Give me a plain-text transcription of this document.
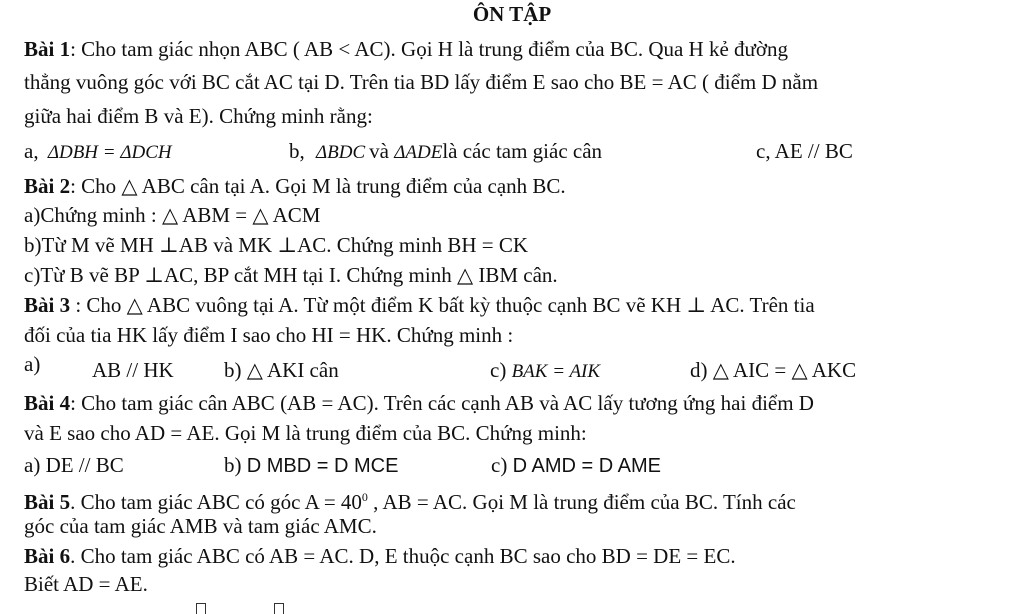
ÔN TẬP
Bài 1: Cho tam giác nhọn ABC ( AB < AC). Gọi H là trung điểm của BC. Qua H kẻ đường
thẳng vuông góc với BC cắt AC tại D. Trên tia BD lấy điểm E sao cho BE = AC ( điểm D nằm
giữa hai điểm B và E). Chứng minh rằng:
a, ΔDBH = ΔDCH	b, ΔBDC và ΔADElà các tam giác cân	c, AE // BC
Bài 2: Cho △ ABC cân tại A. Gọi M là trung điểm của cạnh BC.
a)Chứng minh : △ ABM = △ ACM
b)Từ M vẽ MH ⊥AB và MK ⊥AC. Chứng minh BH = CK
c)Từ B vẽ BP ⊥AC, BP cắt MH tại I. Chứng minh △ IBM cân.
Bài 3 : Cho △ ABC vuông tại A. Từ một điểm K bất kỳ thuộc cạnh BC vẽ KH ⊥ AC. Trên tia
đối của tia HK lấy điểm I sao cho HI = HK. Chứng minh :
a) AB // HK b) △ AKI cân	c) BAK = AIK	d) △ AIC = △ AKC
Bài 4: Cho tam giác cân ABC (AB = AC). Trên các cạnh AB và AC lấy tương ứng hai điểm D
và E sao cho AD = AE. Gọi M là trung điểm của BC. Chứng minh:
a) DE // BC	b) D MBD = D MCE	c) D AMD = D AME
Bài 5. Cho tam giác ABC có góc $A = 40^0$ , AB = AC. Gọi M là trung điểm của BC. Tính các
góc của tam giác AMB và tam giác AMC.
Bài 6. Cho tam giác ABC có AB = AC. D, E thuộc cạnh BC sao cho BD = DE = EC.
Biết AD = AE.
